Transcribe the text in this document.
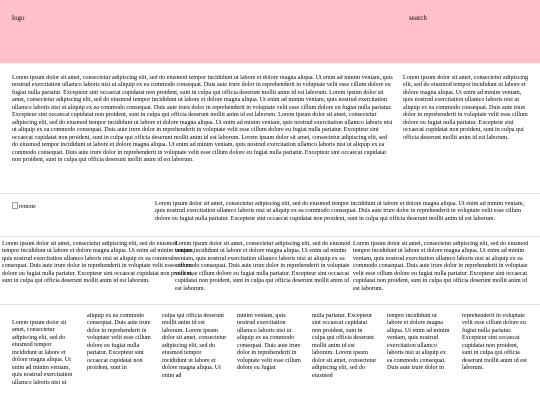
logo	search
Lorem ipsum dolor sit amet, consectetur adipiscing elit, sed do eiusmod tempor incididunt ut labore et dolore magna aliqua. Ut enim ad minim veniam, quis nostrud exercitation ullamco laboris nisi ut aliquip ex ea commodo consequat. Duis aute irure dolor in reprehenderit in voluptate velit esse cillum dolore eu fugiat nulla pariatur. Excepteur sint occaecat cupidatat non proident, sunt in culpa qui officia deserunt mollit anim id est laborum. Lorem ipsum dolor sit amet, consectetur adipiscing elit, sed do eiusmod tempor incididunt ut labore et dolore magna aliqua. Ut enim ad minim veniam, quis nostrud exercitation ullamco laboris nisi ut aliquip ex ea commodo consequat. Duis aute irure dolor in reprehenderit in voluptate velit esse cillum dolore eu fugiat nulla pariatur. Excepteur sint occaecat cupidatat non proident, sunt in culpa qui officia deserunt mollit anim id est laborum. Lorem ipsum dolor sit amet, consectetur adipiscing elit, sed do eiusmod tempor incididunt ut labore et dolore magna aliqua. Ut enim ad minim veniam, quis nostrud exercitation ullamco laboris nisi ut aliquip ex ea commodo consequat. Duis aute irure dolor in reprehenderit in voluptate velit esse cillum dolore eu fugiat nulla pariatur. Excepteur sint occaecat cupidatat non proident, sunt in culpa qui officia deserunt mollit anim id est laborum. Lorem ipsum dolor sit amet, consectetur adipiscing elit, sed do eiusmod tempor incididunt ut labore et dolore magna aliqua. Ut enim ad minim veniam, quis nostrud exercitation ullamco laboris nisi ut aliquip ex ea commodo consequat. Duis aute irure dolor in reprehenderit in voluptate velit esse cillum dolore eu fugiat nulla pariatur. Excepteur sint occaecat cupidatat non proident, sunt in culpa qui officia deserunt mollit anim id est laborum.
Lorem ipsum dolor sit amet, consectetur adipiscing elit, sed do eiusmod tempor incididunt ut labore et dolore magna aliqua. Ut enim ad minim veniam, quis nostrud exercitation ullamco laboris nisi ut aliquip ex ea commodo consequat. Duis aute irure dolor in reprehenderit in voluptate velit esse cillum dolore eu fugiat nulla pariatur. Excepteur sint occaecat cupidatat non proident, sunt in culpa qui officia deserunt mollit anim id est laborum.
remote	Lorem ipsum dolor sit amet, consectetur adipiscing elit, sed do eiusmod tempor incididunt ut labore et dolore magna aliqua. Ut enim ad minim veniam, quis nostrud exercitation ullamco laboris nisi ut aliquip ex ea commodo consequat. Duis aute irure dolor in reprehenderit in voluptate velit esse cillum dolore eu fugiat nulla pariatur. Excepteur sint occaecat cupidatat non proident, sunt in culpa qui officia deserunt mollit anim id est laborum.
Lorem ipsum dolor sit amet, consectetur adipiscing elit, sed do eiusmod tempor incididunt ut labore et dolore magna aliqua. Ut enim ad minim veniam, quis nostrud exercitation ullamco laboris nisi ut aliquip ex ea commodo consequat. Duis aute irure dolor in reprehenderit in voluptate velit esse cillum dolore eu fugiat nulla pariatur. Excepteur sint occaecat cupidatat non proident, sunt in culpa qui officia deserunt mollit anim id est laborum.
Lorem ipsum dolor sit amet, consectetur adipiscing elit, sed do eiusmod tempor incididunt ut labore et dolore magna aliqua. Ut enim ad minim veniam, quis nostrud exercitation ullamco laboris nisi ut aliquip ex ea commodo consequat. Duis aute irure dolor in reprehenderit in voluptate velit esse cillum dolore eu fugiat nulla pariatur. Excepteur sint occaecat cupidatat non proident, sunt in culpa qui officia deserunt mollit anim id est laborum.
Lorem ipsum dolor sit amet, consectetur adipiscing elit, sed do eiusmod tempor incididunt ut labore et dolore magna aliqua. Ut enim ad minim veniam, quis nostrud exercitation ullamco laboris nisi ut aliquip ex ea commodo consequat. Duis aute irure dolor in reprehenderit in voluptate velit esse cillum dolore eu fugiat nulla pariatur. Excepteur sint occaecat cupidatat non proident, sunt in culpa qui officia deserunt mollit anim id est laborum.
Lorem ipsum dolor sit amet, consectetur adipiscing elit, sed do eiusmod tempor incididunt ut labore et dolore magna aliqua. Ut enim ad minim veniam, quis nostrud exercitation ullamco laboris nisi ut
aliquip ex ea commodo consequat. Duis aute irure dolor in reprehenderit in voluptate velit esse cillum dolore eu fugiat nulla pariatur. Excepteur sint occaecat cupidatat non proident, sunt in
culpa qui officia deserunt mollit anim id est laborum. Lorem ipsum dolor sit amet, consectetur adipiscing elit, sed do eiusmod tempor incididunt ut labore et dolore magna aliqua. Ut enim ad
minim veniam, quis nostrud exercitation ullamco laboris nisi ut aliquip ex ea commodo consequat. Duis aute irure dolor in reprehenderit in voluptate velit esse cillum dolore eu fugiat
nulla pariatur. Excepteur sint occaecat cupidatat non proident, sunt in culpa qui officia deserunt mollit anim id est laborum. Lorem ipsum dolor sit amet, consectetur adipiscing elit, sed do eiusmod
tempor incididunt ut labore et dolore magna aliqua. Ut enim ad minim veniam, quis nostrud exercitation ullamco laboris nisi ut aliquip ex ea commodo consequat. Duis aute irure dolor in
reprehenderit in voluptate velit esse cillum dolore eu fugiat nulla pariatur. Excepteur sint occaecat cupidatat non proident, sunt in culpa qui officia deserunt mollit anim id est laborum.
